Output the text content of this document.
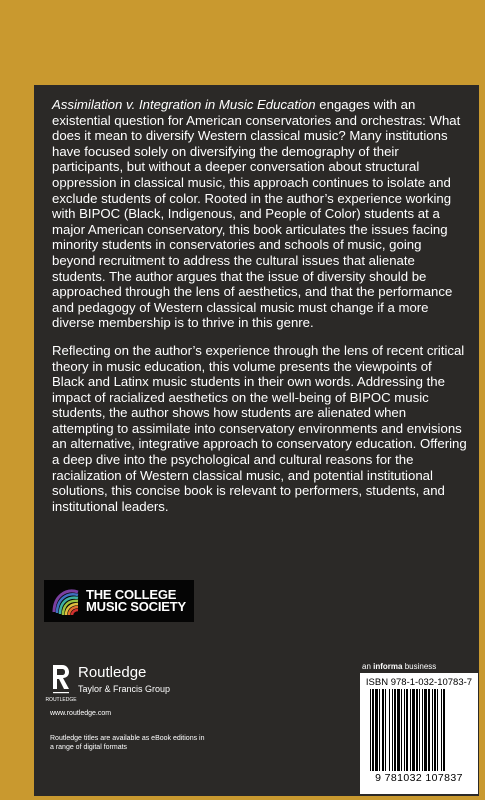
Assimilation v. Integration in Music Education engages with an existential question for American conservatories and orchestras: What does it mean to diversify Western classical music? Many institutions have focused solely on diversifying the demography of their participants, but without a deeper conversation about structural oppression in classical music, this approach continues to isolate and exclude students of color. Rooted in the author’s experience working with BIPOC (Black, Indigenous, and People of Color) students at a major American conservatory, this book articulates the issues facing minority students in conservatories and schools of music, going beyond recruitment to address the cultural issues that alienate students. The author argues that the issue of diversity should be approached through the lens of aesthetics, and that the performance and pedagogy of Western classical music must change if a more diverse membership is to thrive in this genre.

Reflecting on the author’s experience through the lens of recent critical theory in music education, this volume presents the viewpoints of Black and Latinx music students in their own words. Addressing the impact of racialized aesthetics on the well-being of BIPOC music students, the author shows how students are alienated when attempting to assimilate into conservatory environments and envisions an alternative, integrative approach to conservatory education. Offering a deep dive into the psychological and cultural reasons for the racialization of Western classical music, and potential institutional solutions, this concise book is relevant to performers, students, and institutional leaders.

THE COLLEGE
MUSIC SOCIETY
ROUTLEDGE
Routledge
Taylor & Francis Group
www.routledge.com
Routledge titles are available as eBook editions in a range of digital formats
an informa business
ISBN 978-1-032-10783-7
9 781032 107837
